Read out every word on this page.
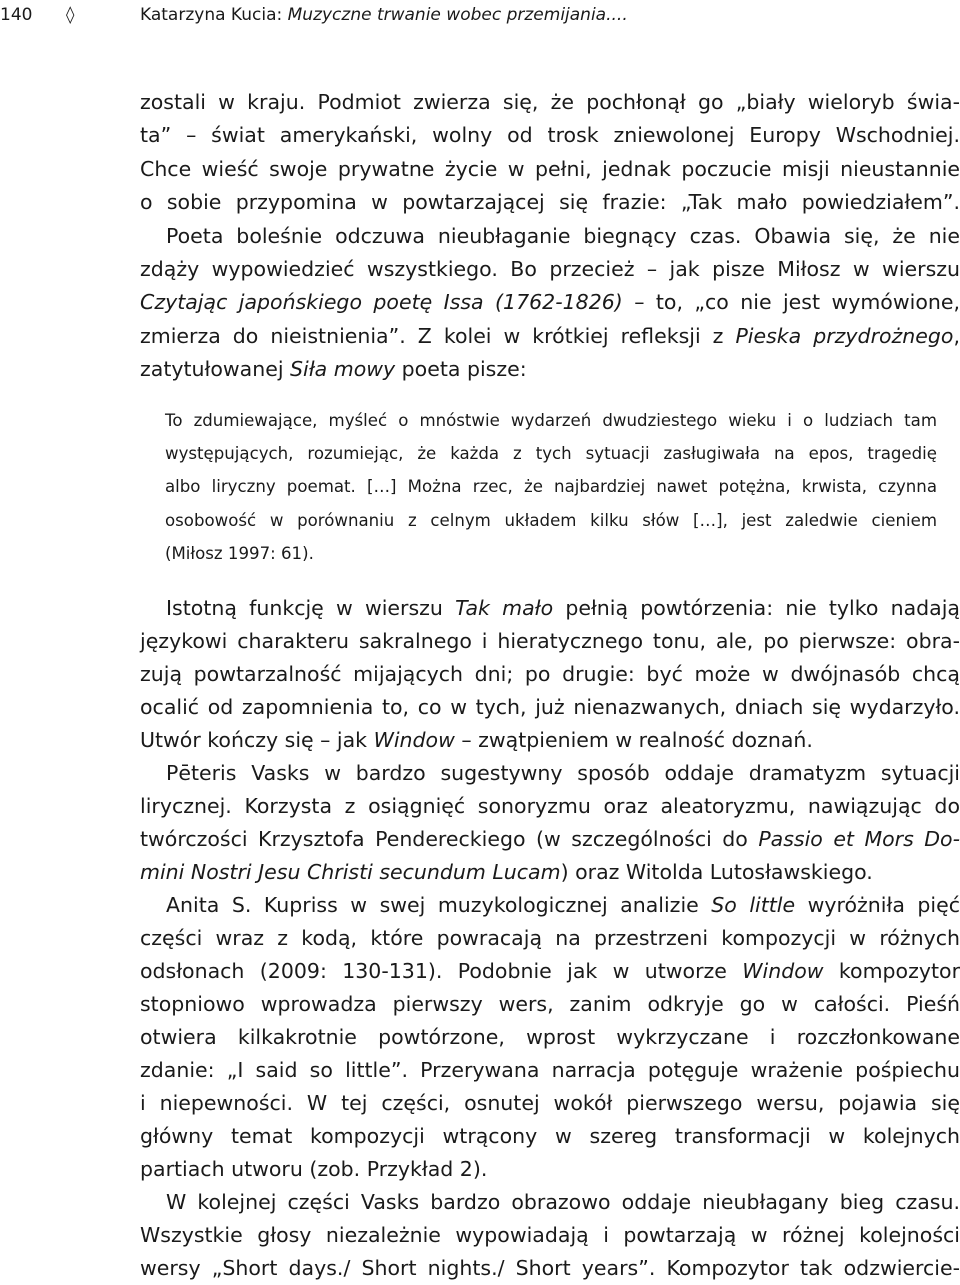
140 ◊	Katarzyna Kucia: Muzyczne trwanie wobec przemijania....

zostali w kraju. Podmiot zwierza się, że pochłonął go „biały wieloryb świa-

ta” – świat amerykański, wolny od trosk zniewolonej Europy Wschodniej.

Chce wieść swoje prywatne życie w pełni, jednak poczucie misji nieustannie

o sobie przypomina w powtarzającej się frazie: „Tak mało powiedziałem”.

Poeta boleśnie odczuwa nieubłaganie biegnący czas. Obawia się, że nie

zdąży wypowiedzieć wszystkiego. Bo przecież – jak pisze Miłosz w wierszu

Czytając japońskiego poetę Issa (1762-1826) – to, „co nie jest wymówione,

zmierza do nieistnienia”. Z kolei w krótkiej refleksji z Pieska przydrożnego,

zatytułowanej Siła mowy poeta pisze:

To zdumiewające, myśleć o mnóstwie wydarzeń dwudziestego wieku i o ludziach tam

występujących, rozumiejąc, że każda z tych sytuacji zasługiwała na epos, tragedię

albo liryczny poemat. […] Można rzec, że najbardziej nawet potężna, krwista, czynna

osobowość w porównaniu z celnym układem kilku słów […], jest zaledwie cieniem

(Miłosz 1997: 61).

Istotną funkcję w wierszu Tak mało pełnią powtórzenia: nie tylko nadają

językowi charakteru sakralnego i hieratycznego tonu, ale, po pierwsze: obra-

zują powtarzalność mijających dni; po drugie: być może w dwójnasób chcą

ocalić od zapomnienia to, co w tych, już nienazwanych, dniach się wydarzyło.

Utwór kończy się – jak Window – zwątpieniem w realność doznań.

Pēteris Vasks w bardzo sugestywny sposób oddaje dramatyzm sytuacji

lirycznej. Korzysta z osiągnięć sonoryzmu oraz aleatoryzmu, nawiązując do

twórczości Krzysztofa Pendereckiego (w szczególności do Passio et Mors Do-

mini Nostri Jesu Christi secundum Lucam) oraz Witolda Lutosławskiego.

Anita S. Kupriss w swej muzykologicznej analizie So little wyróżniła pięć

części wraz z kodą, które powracają na przestrzeni kompozycji w różnych

odsłonach (2009: 130-131). Podobnie jak w utworze Window kompozytor

stopniowo wprowadza pierwszy wers, zanim odkryje go w całości. Pieśń

otwiera kilkakrotnie powtórzone, wprost wykrzyczane i rozczłonkowane

zdanie: „I said so little”. Przerywana narracja potęguje wrażenie pośpiechu

i niepewności. W tej części, osnutej wokół pierwszego wersu, pojawia się

główny temat kompozycji wtrącony w szereg transformacji w kolejnych

partiach utworu (zob. Przykład 2).

W kolejnej części Vasks bardzo obrazowo oddaje nieubłagany bieg czasu.

Wszystkie głosy niezależnie wypowiadają i powtarzają w różnej kolejności

wersy „Short days./ Short nights./ Short years”. Kompozytor tak odzwiercie-
